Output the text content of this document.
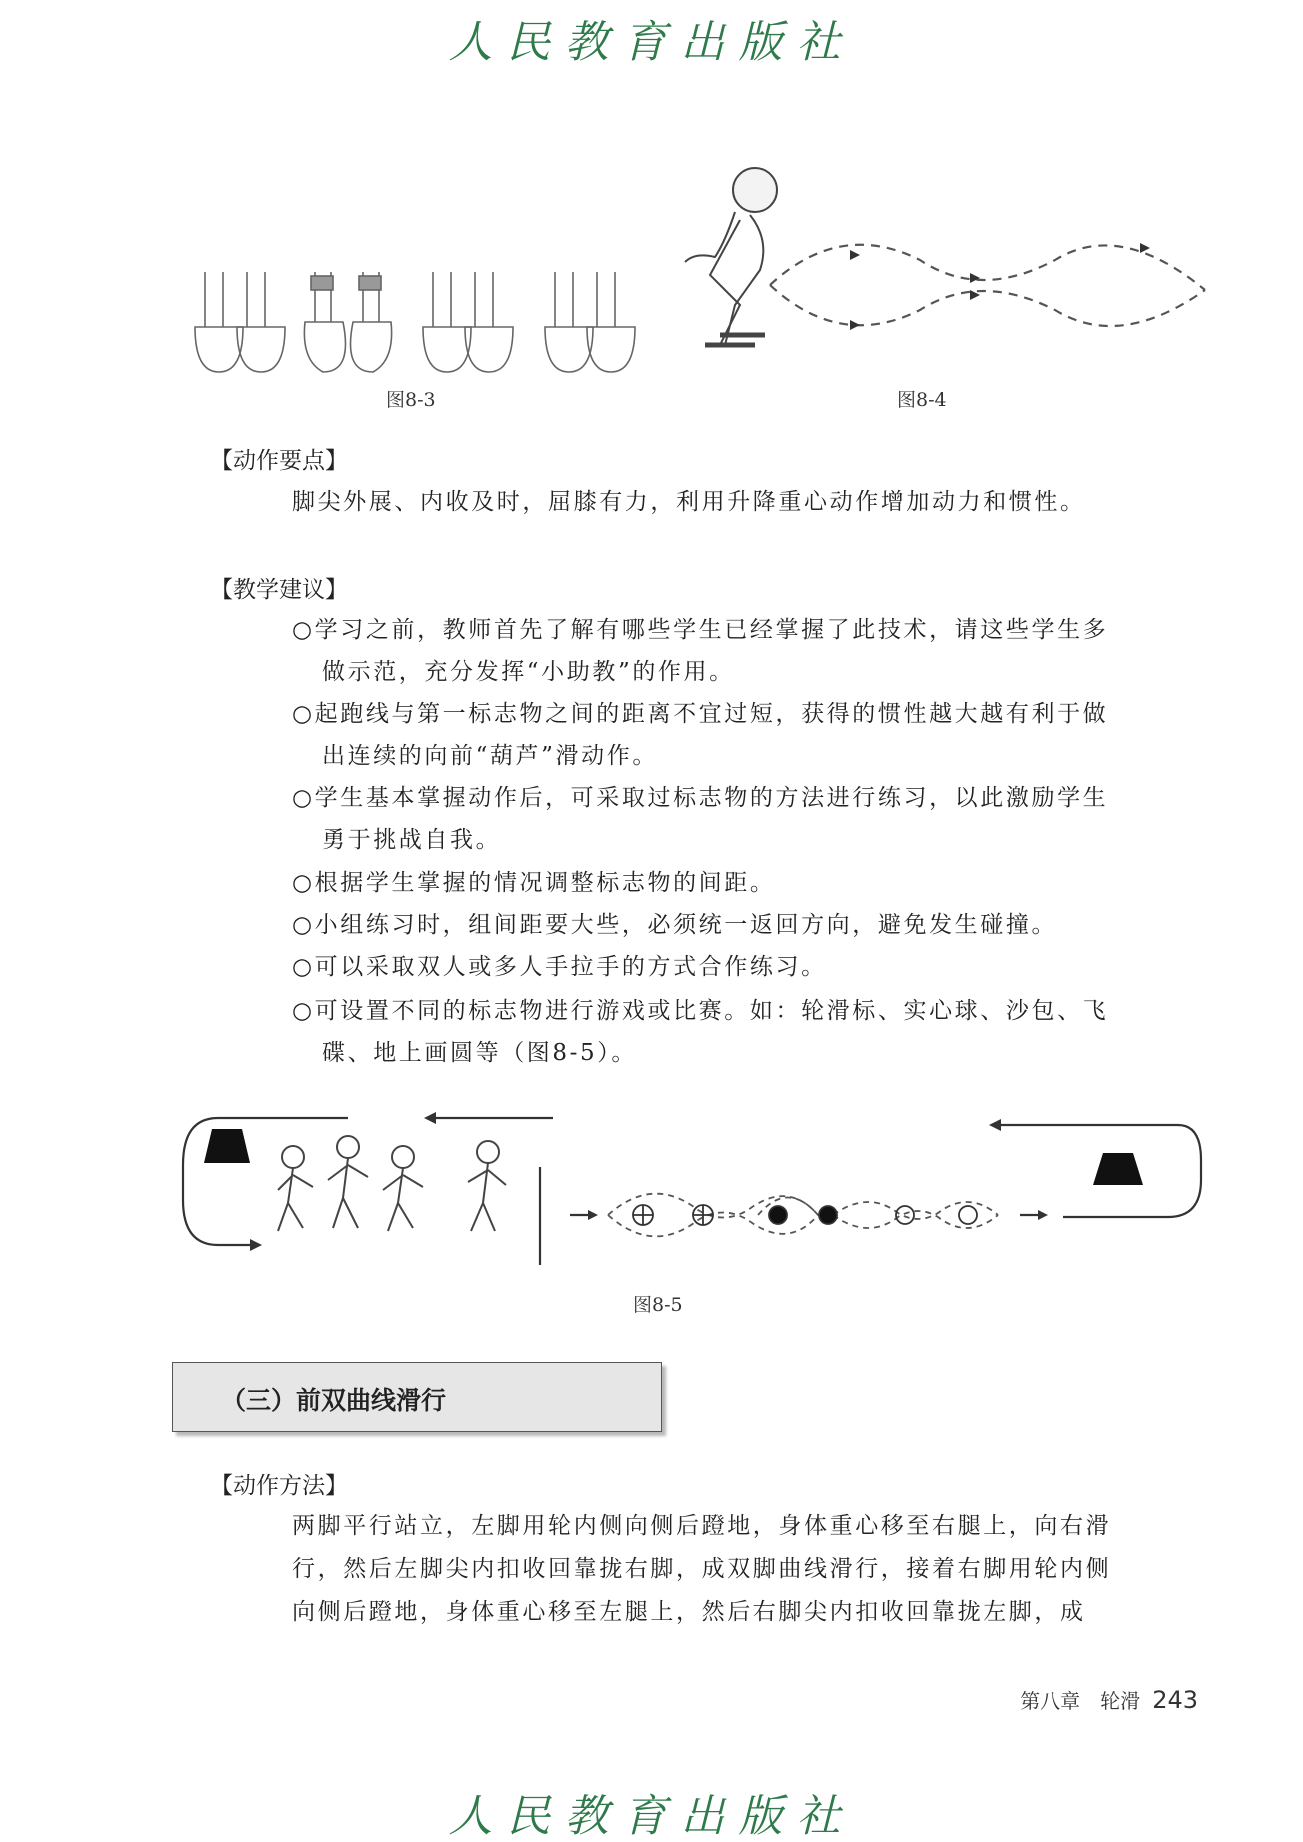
人民教育出版社
图8-3	图8-4
【动作要点】
脚尖外展、内收及时，屈膝有力，利用升降重心动作增加动力和惯性。
【教学建议】
○学习之前，教师首先了解有哪些学生已经掌握了此技术，请这些学生多
做示范，充分发挥“小助教”的作用。
○起跑线与第一标志物之间的距离不宜过短，获得的惯性越大越有利于做
出连续的向前“葫芦”滑动作。
○学生基本掌握动作后，可采取过标志物的方法进行练习，以此激励学生
勇于挑战自我。
○根据学生掌握的情况调整标志物的间距。
○小组练习时，组间距要大些，必须统一返回方向，避免发生碰撞。
○可以采取双人或多人手拉手的方式合作练习。
○可设置不同的标志物进行游戏或比赛。如：轮滑标、实心球、沙包、飞
碟、地上画圆等（图8-5）。
图8-5
（三）前双曲线滑行
【动作方法】
两脚平行站立，左脚用轮内侧向侧后蹬地，身体重心移至右腿上，向右滑
行，然后左脚尖内扣收回靠拢右脚，成双脚曲线滑行，接着右脚用轮内侧
向侧后蹬地，身体重心移至左腿上，然后右脚尖内扣收回靠拢左脚，成
第八章　轮滑 243
人民教育出版社
